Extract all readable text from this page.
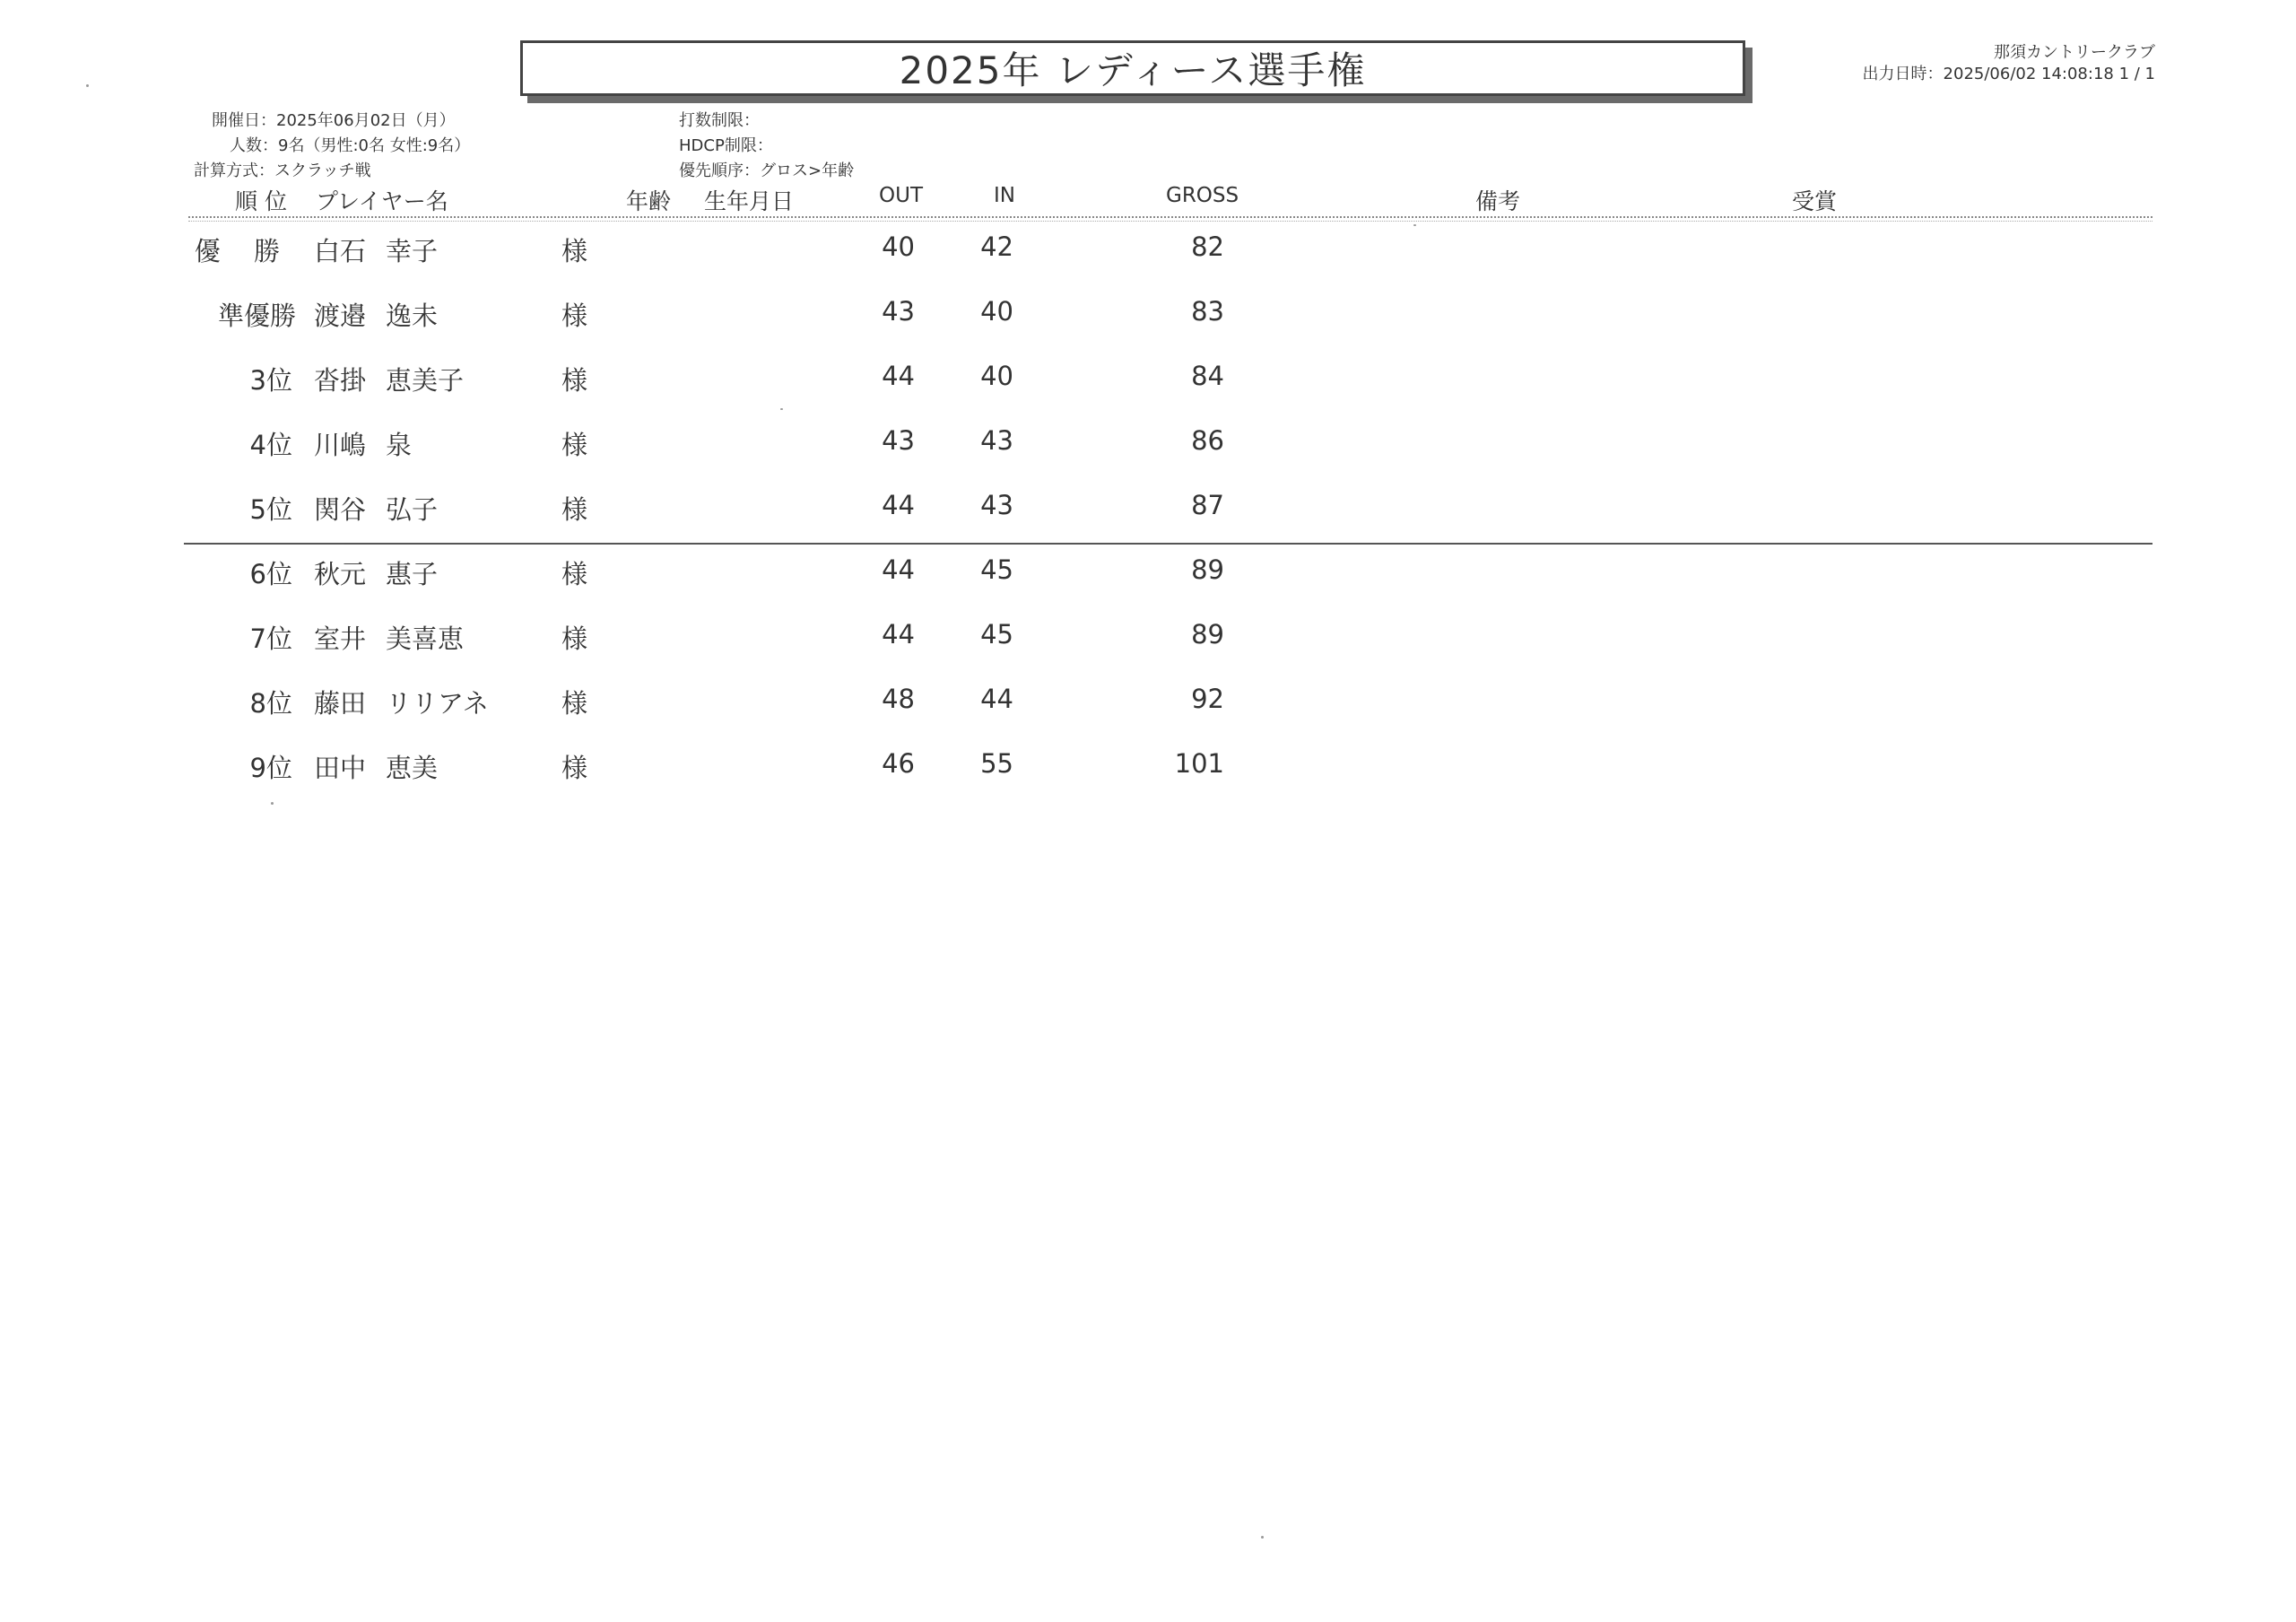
2025年 レディース選手権	那須カントリークラブ
出力日時：2025/06/02 14:08:18 1 / 1
開催日：2025年06月02日（月）
人数：9名（男性:0名 女性:9名）
計算方式：スクラッチ戦
打数制限：
HDCP制限：
優先順序：グロス>年齢
順 位 プレイヤー名	年齢 生年月日	OUT	IN	GROSS	備考	受賞
優 勝 白石 幸子	様	40	42	82
準優勝 渡邉 逸未	様	43	40	83
3位 沓掛 恵美子	様	44	40	84
4位 川嶋 泉	様	43	43	86
5位 関谷 弘子	様	44	43	87
6位 秋元 惠子	様	44	45	89
7位 室井 美喜恵	様	44	45	89
8位 藤田 リリアネ	様	48	44	92
9位 田中 恵美	様	46	55	101
